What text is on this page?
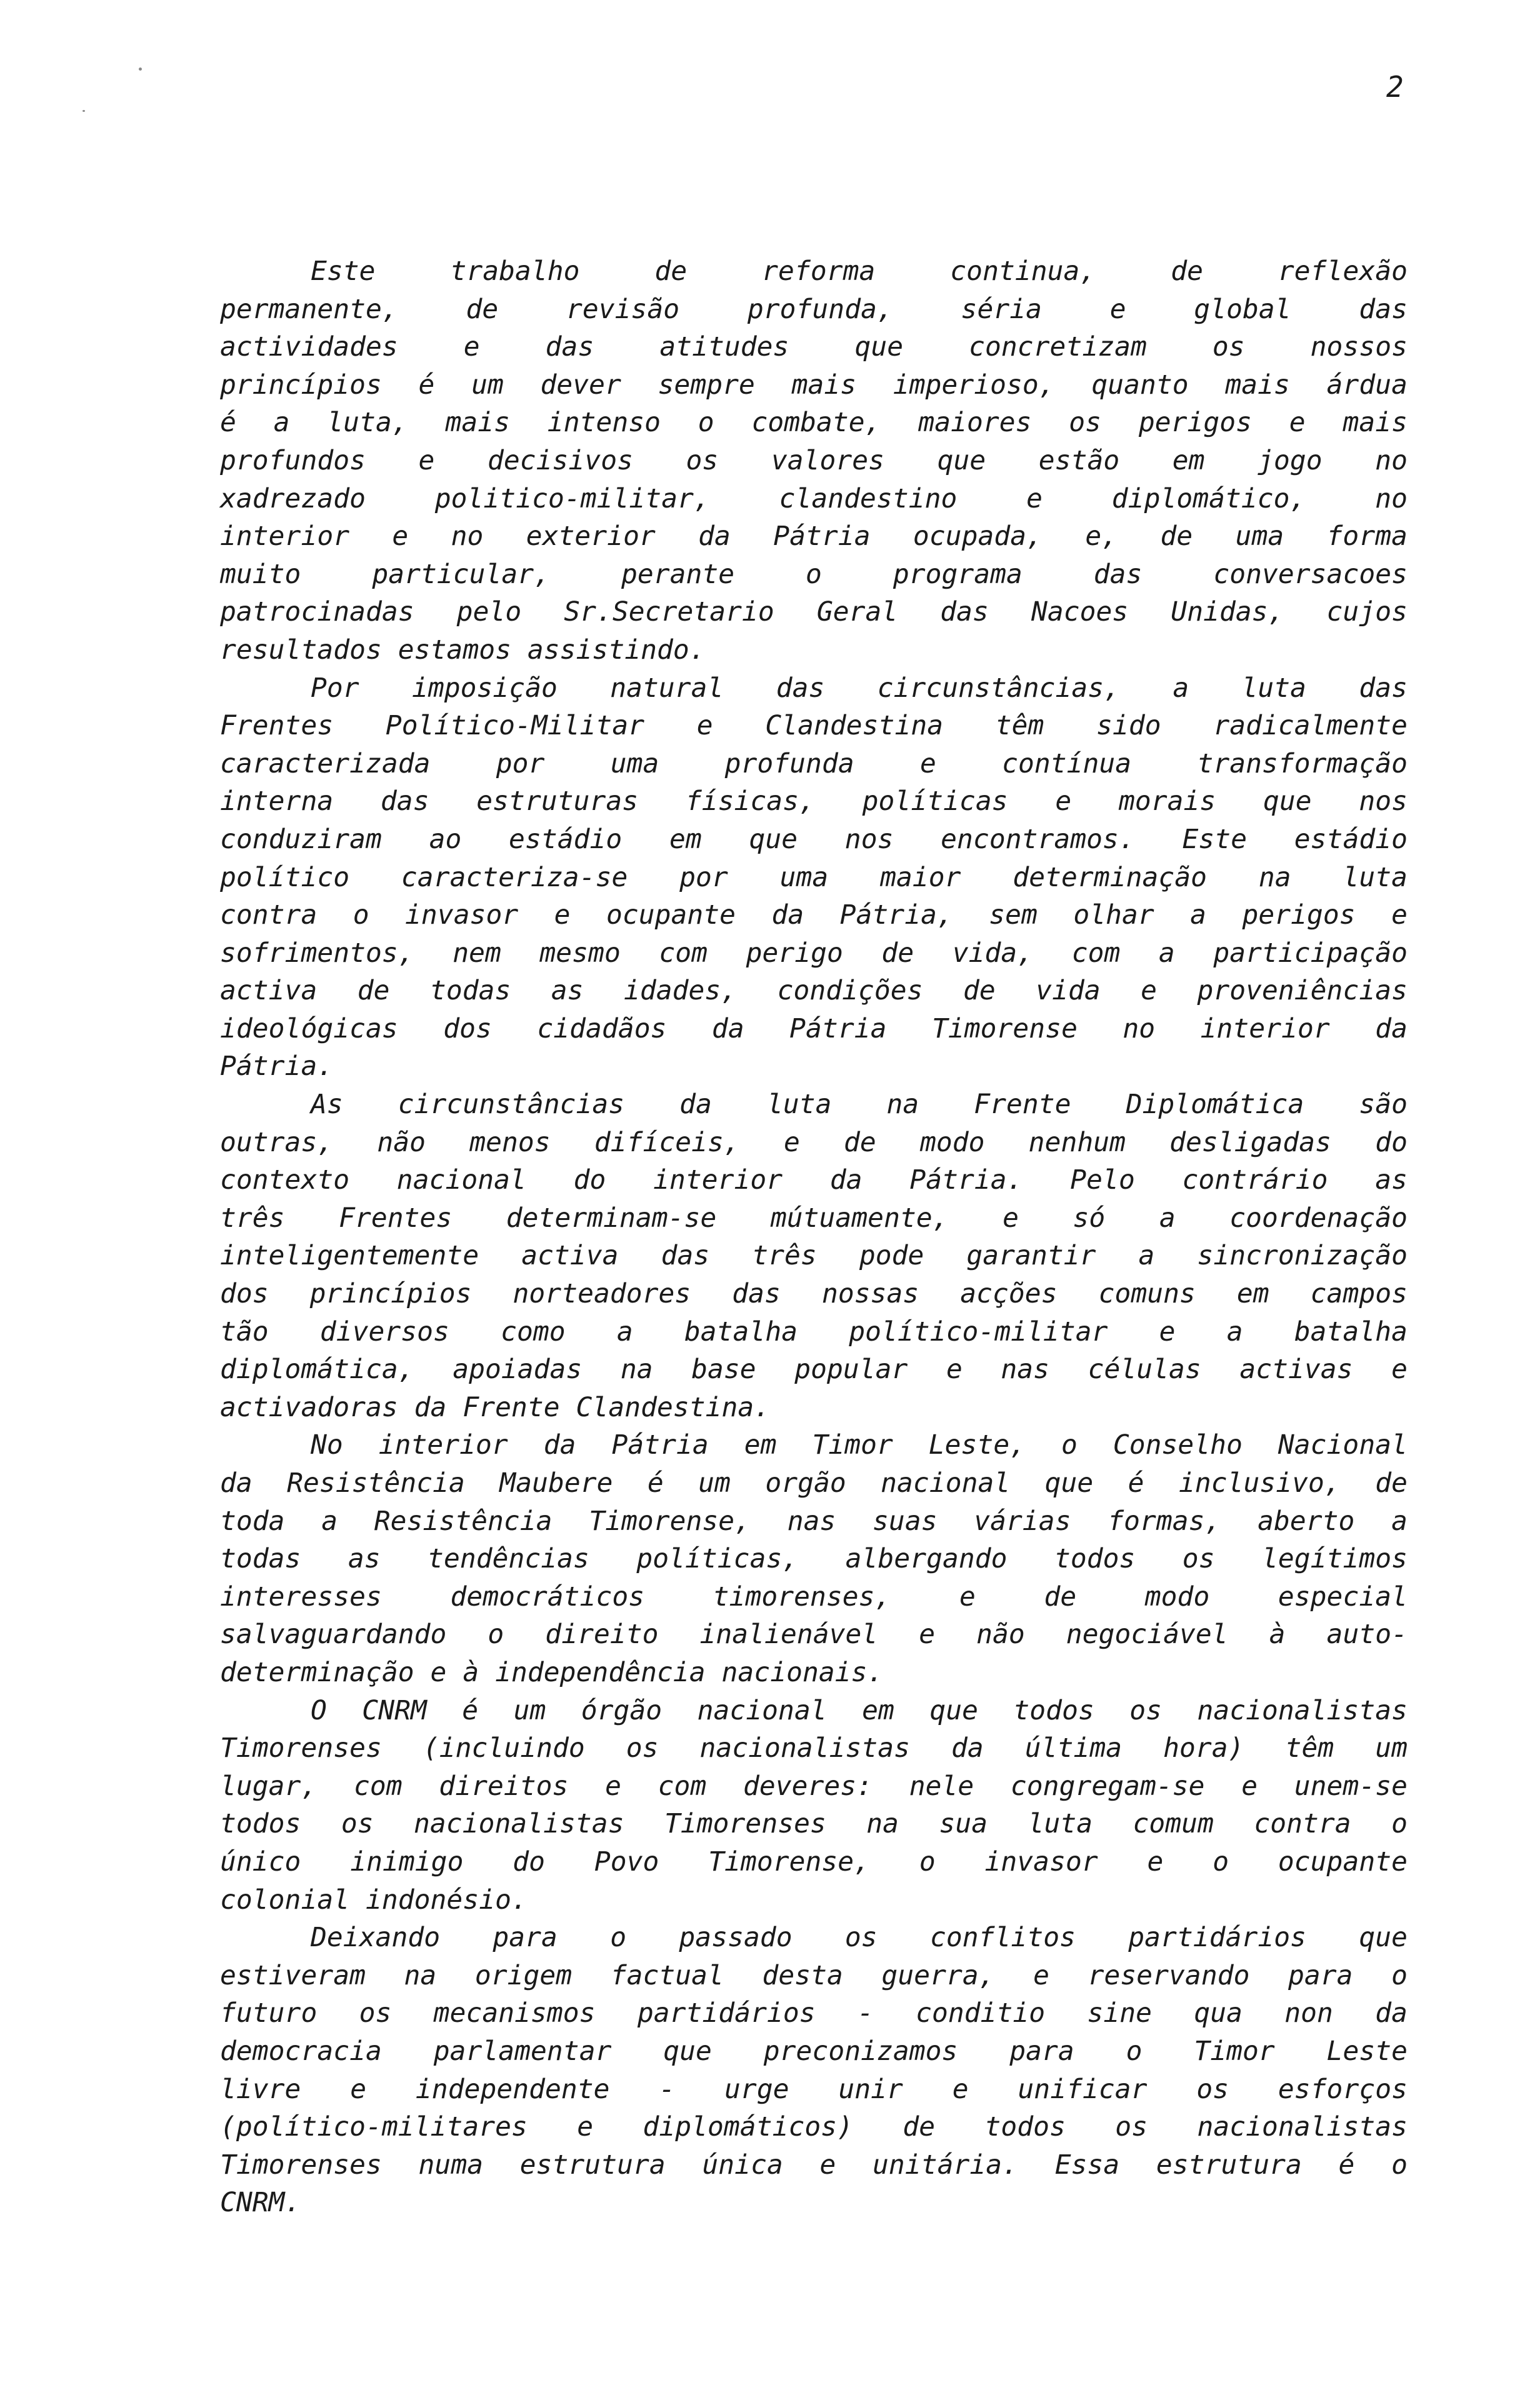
2
Este trabalho de reforma continua, de reflexão
permanente, de revisão profunda, séria e global das
actividades e das atitudes que concretizam os nossos
princípios é um dever sempre mais imperioso, quanto mais árdua
é a luta, mais intenso o combate, maiores os perigos e mais
profundos e decisivos os valores que estão em jogo no
xadrezado politico-militar, clandestino e diplomático, no
interior e no exterior da Pátria ocupada, e, de uma forma
muito particular, perante o programa das conversacoes
patrocinadas pelo Sr.Secretario Geral das Nacoes Unidas, cujos
resultados estamos assistindo.
Por imposição natural das circunstâncias, a luta das
Frentes Político-Militar e Clandestina têm sido radicalmente
caracterizada por uma profunda e contínua transformação
interna das estruturas físicas, políticas e morais que nos
conduziram ao estádio em que nos encontramos. Este estádio
político caracteriza-se por uma maior determinação na luta
contra o invasor e ocupante da Pátria, sem olhar a perigos e
sofrimentos, nem mesmo com perigo de vida, com a participação
activa de todas as idades, condições de vida e proveniências
ideológicas dos cidadãos da Pátria Timorense no interior da
Pátria.
As circunstâncias da luta na Frente Diplomática são
outras, não menos difíceis, e de modo nenhum desligadas do
contexto nacional do interior da Pátria. Pelo contrário as
três Frentes determinam-se mútuamente, e só a coordenação
inteligentemente activa das três pode garantir a sincronização
dos princípios norteadores das nossas acções comuns em campos
tão diversos como a batalha político-militar e a batalha
diplomática, apoiadas na base popular e nas células activas e
activadoras da Frente Clandestina.
No interior da Pátria em Timor Leste, o Conselho Nacional
da Resistência Maubere é um orgão nacional que é inclusivo, de
toda a Resistência Timorense, nas suas várias formas, aberto a
todas as tendências políticas, albergando todos os legítimos
interesses democráticos timorenses, e de modo especial
salvaguardando o direito inalienável e não negociável à auto-
determinação e à independência nacionais.
O CNRM é um órgão nacional em que todos os nacionalistas
Timorenses (incluindo os nacionalistas da última hora) têm um
lugar, com direitos e com deveres: nele congregam-se e unem-se
todos os nacionalistas Timorenses na sua luta comum contra o
único inimigo do Povo Timorense, o invasor e o ocupante
colonial indonésio.
Deixando para o passado os conflitos partidários que
estiveram na origem factual desta guerra, e reservando para o
futuro os mecanismos partidários - conditio sine qua non da
democracia parlamentar que preconizamos para o Timor Leste
livre e independente - urge unir e unificar os esforços
(político-militares e diplomáticos) de todos os nacionalistas
Timorenses numa estrutura única e unitária. Essa estrutura é o
CNRM.
